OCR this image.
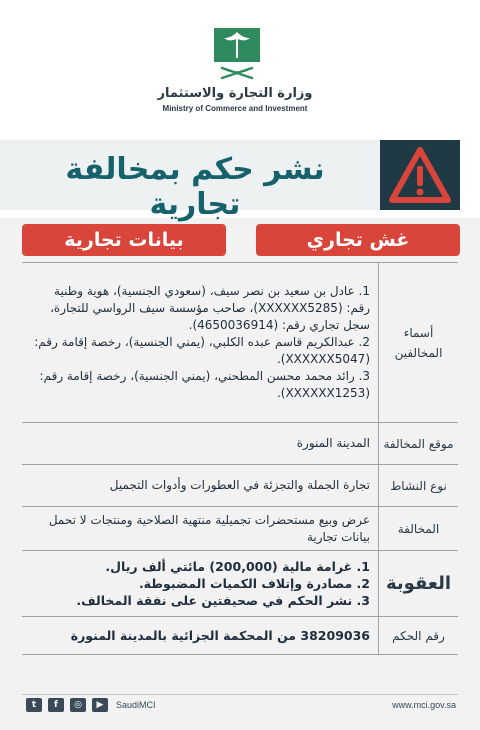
وزارة التجارة والاستثمار
Ministry of Commerce and Investment
نشر حكم بمخالفة تجارية
غش تجاري
بيانات تجارية
أسماء المخالفين

1. عادل بن سعيد بن نصر سيف، (سعودي الجنسية)، هوية وطنية رقم: (XXXXXX5285)، صاحب مؤسسة سيف الرواسي للتجارة، سجل تجاري رقم: (4650036914).

2. عبدالكريم قاسم عبده الكلبي، (يمني الجنسية)، رخصة إقامة رقم: (XXXXXX5047).

3. رائد محمد محسن المطحني، (يمني الجنسية)، رخصة إقامة رقم: (XXXXXX1253).

موقع المخالفة
المدينة المنورة
نوع النشاط
تجارة الجملة والتجزئة في العطورات وأدوات التجميل
المخالفة
عرض وبيع مستحضرات تجميلية منتهية الصلاحية ومنتجات لا تحمل بيانات تجارية
العقوبة

1. غرامة مالية (200,000) مائتي ألف ريال.

2. مصادرة وإتلاف الكميات المضبوطة.

3. نشر الحكم في صحيفتين على نفقة المخالف.

رقم الحكم
38209036 من المحكمة الجزائية بالمدينة المنورة
t	f	◎	▶	SaudiMCI	www.mci.gov.sa
